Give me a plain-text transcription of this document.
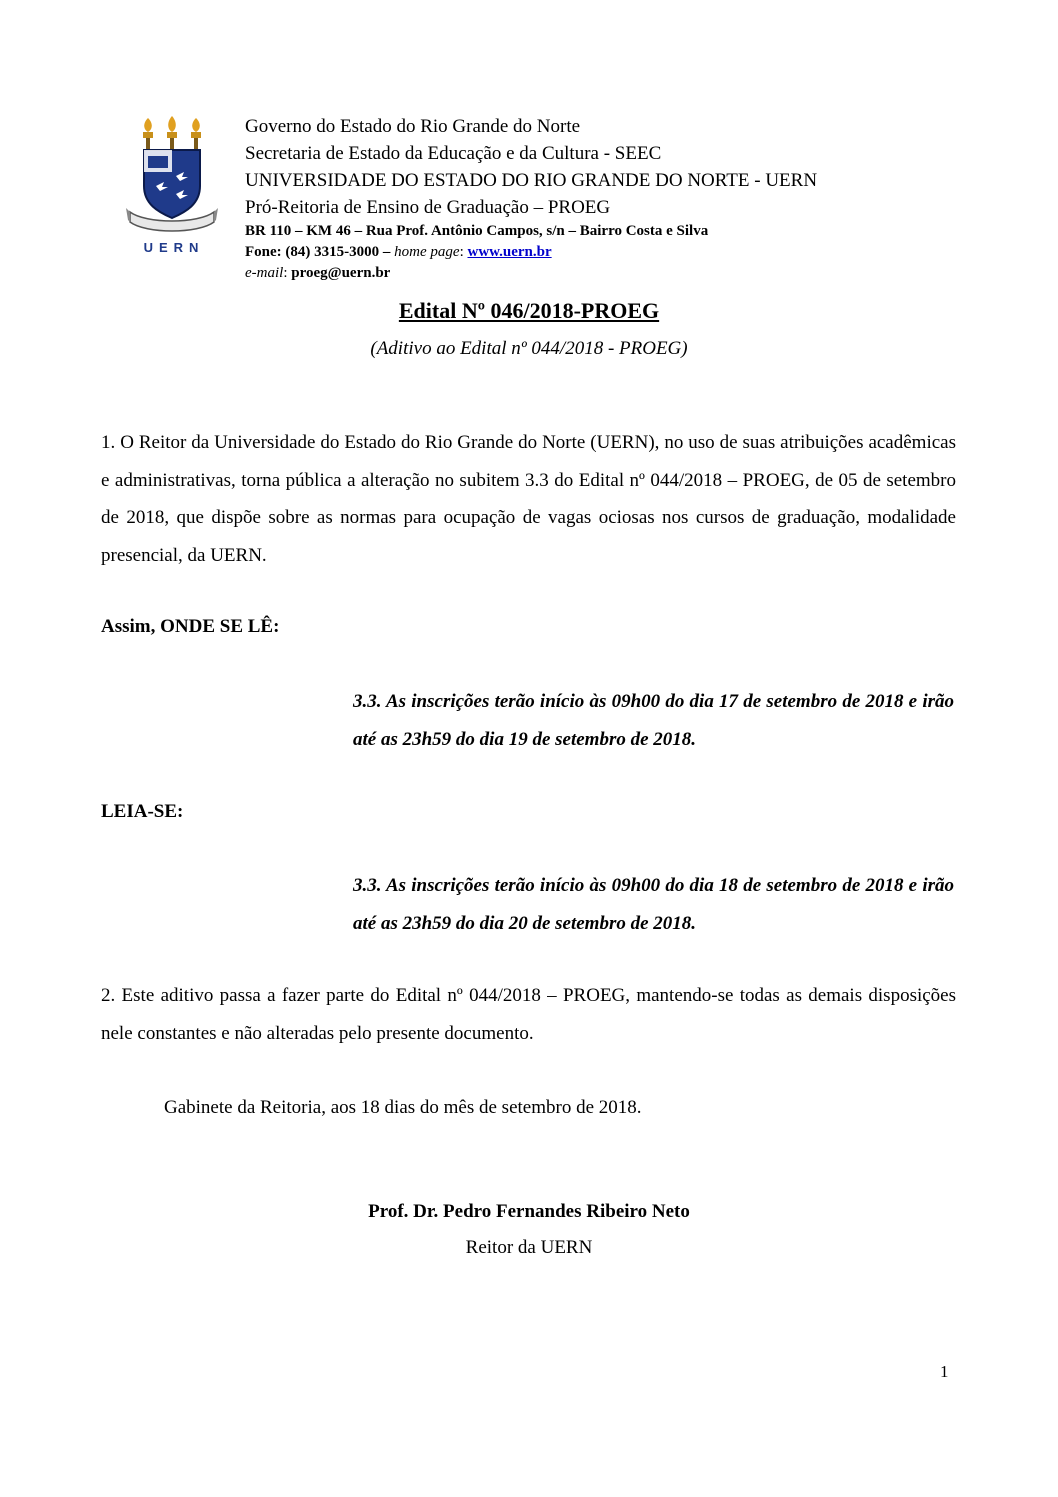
UERN
Governo do Estado do Rio Grande do Norte
Secretaria de Estado da Educação e da Cultura - SEEC
UNIVERSIDADE DO ESTADO DO RIO GRANDE DO NORTE - UERN
Pró-Reitoria de Ensino de Graduação – PROEG
BR 110 – KM 46 – Rua Prof. Antônio Campos, s/n – Bairro Costa e Silva
Fone: (84) 3315-3000 – home page: www.uern.br
e-mail: proeg@uern.br
Edital Nº 046/2018-PROEG
(Aditivo ao Edital nº 044/2018 - PROEG)
1. O Reitor da Universidade do Estado do Rio Grande do Norte (UERN), no uso de suas atribuições acadêmicas e administrativas, torna pública a alteração no subitem 3.3 do Edital nº 044/2018 – PROEG, de 05 de setembro de 2018, que dispõe sobre as normas para ocupação de vagas ociosas nos cursos de graduação, modalidade presencial, da UERN.
Assim, ONDE SE LÊ:
3.3. As inscrições terão início às 09h00 do dia 17 de setembro de 2018 e irão até as 23h59 do dia 19 de setembro de 2018.
LEIA-SE:
3.3. As inscrições terão início às 09h00 do dia 18 de setembro de 2018 e irão até as 23h59 do dia 20 de setembro de 2018.
2. Este aditivo passa a fazer parte do Edital nº 044/2018 – PROEG, mantendo-se todas as demais disposições nele constantes e não alteradas pelo presente documento.
Gabinete da Reitoria, aos 18 dias do mês de setembro de 2018.
Prof. Dr. Pedro Fernandes Ribeiro Neto
Reitor da UERN
1
